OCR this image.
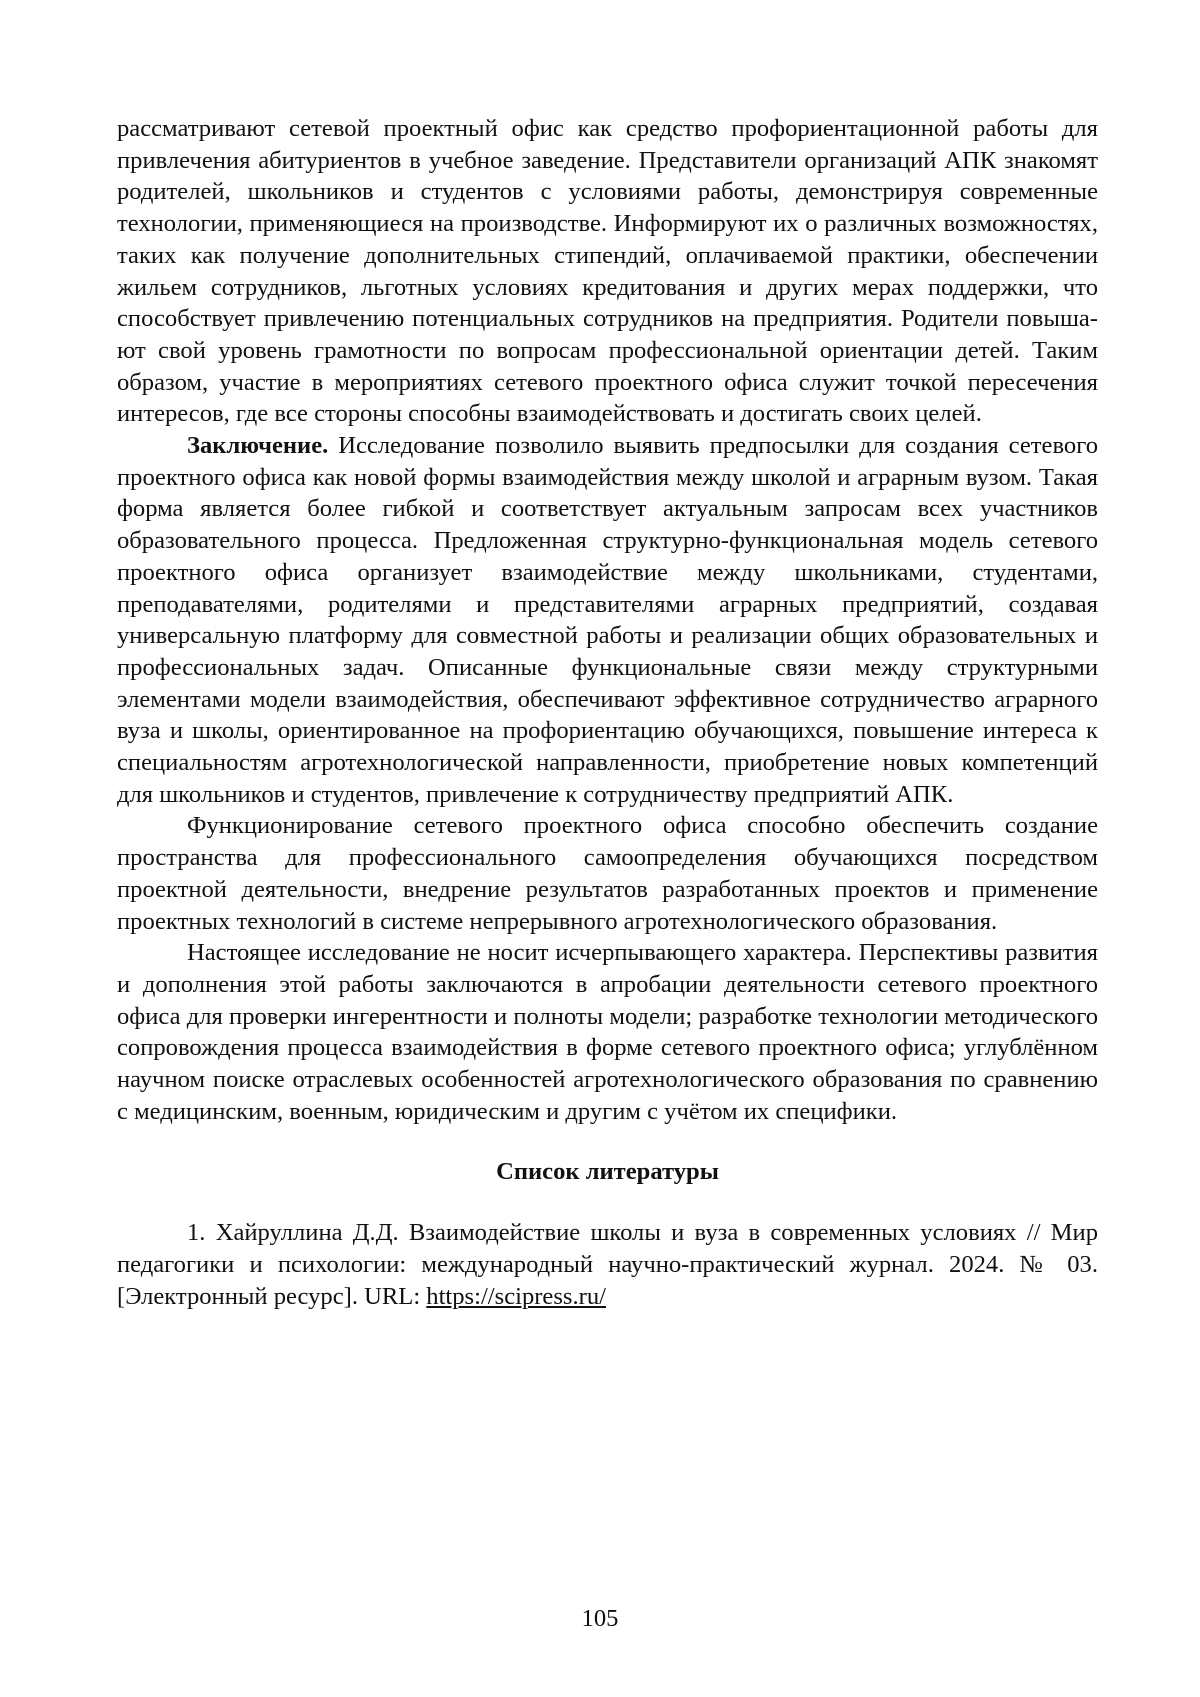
рассматривают сетевой проектный офис как средство профориентационной работы для привлечения абитуриентов в учебное заведение. Представители организаций АПК знакомят родителей, школьников и студентов с условиями работы, демонстрируя современные технологии, применяющиеся на производстве. Информируют их о различных возможностях, таких как получение дополнительных стипендий, оплачиваемой практики, обеспечении жильем сотрудников, льготных условиях кредитования и других мерах поддержки, что способствует привлечению потенциальных сотрудников на предприятия. Родители повышают свой уровень грамотности по вопросам профессиональной ориентации детей. Таким образом, участие в мероприятиях сетевого проектного офиса служит точкой пересечения интересов, где все стороны способны взаимодействовать и достигать своих целей.

Заключение. Исследование позволило выявить предпосылки для создания сетевого проектного офиса как новой формы взаимодействия между школой и аграрным вузом. Такая форма является более гибкой и соответствует актуальным запросам всех участников образовательного процесса. Предложенная структурно-функциональная модель сетевого проектного офиса организует взаимодействие между школьниками, студентами, преподавателями, родителями и представителями аграрных предприятий, создавая универсальную платформу для совместной работы и реализации общих образовательных и профессиональных задач. Описанные функциональные связи между структурными элементами модели взаимодействия, обеспечивают эффективное сотрудничество аграрного вуза и школы, ориентированное на профориентацию обучающихся, повышение интереса к специальностям агротехнологической направленности, приобретение новых компетенций для школьников и студентов, привлечение к сотрудничеству предприятий АПК.

Функционирование сетевого проектного офиса способно обеспечить создание пространства для профессионального самоопределения обучающихся посредством проектной деятельности, внедрение результатов разработанных проектов и применение проектных технологий в системе непрерывного агротехнологического образования.

Настоящее исследование не носит исчерпывающего характера. Перспективы развития и дополнения этой работы заключаются в апробации деятельности сетевого проектного офиса для проверки ингерентности и полноты модели; разработке технологии методического сопровождения процесса взаимодействия в форме сетевого проектного офиса; углублённом научном поиске отраслевых особенностей агротехнологического образования по сравнению с медицинским, военным, юридическим и другим с учётом их специфики.

Список литературы

1. Хайруллина Д.Д. Взаимодействие школы и вуза в современных условиях // Мир педагогики и психологии: международный научно-практический журнал. 2024. № 03. [Электронный ресурс]. URL: https://scipress.ru/

105
